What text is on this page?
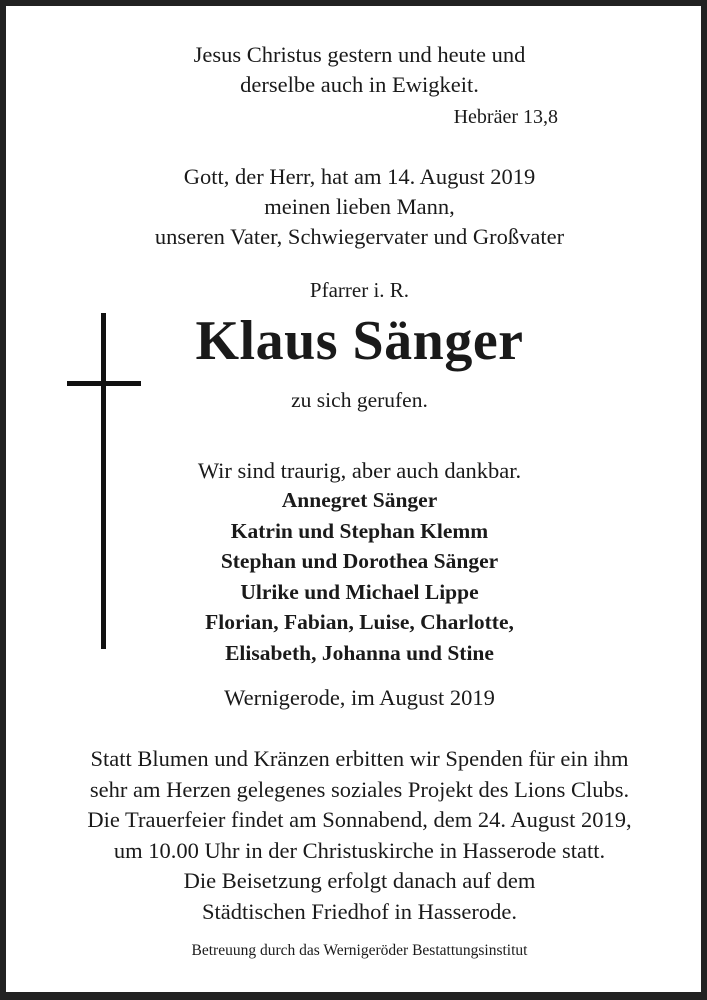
Jesus Christus gestern und heute und
derselbe auch in Ewigkeit.
Hebräer 13,8
Gott, der Herr, hat am 14. August 2019
meinen lieben Mann,
unseren Vater, Schwiegervater und Großvater
Pfarrer i. R.
Klaus Sänger
zu sich gerufen.
Wir sind traurig, aber auch dankbar.
Annegret Sänger
Katrin und Stephan Klemm
Stephan und Dorothea Sänger
Ulrike und Michael Lippe
Florian, Fabian, Luise, Charlotte,
Elisabeth, Johanna und Stine
Wernigerode, im August 2019
Statt Blumen und Kränzen erbitten wir Spenden für ein ihm
sehr am Herzen gelegenes soziales Projekt des Lions Clubs.
Die Trauerfeier findet am Sonnabend, dem 24. August 2019,
um 10.00 Uhr in der Christuskirche in Hasserode statt.
Die Beisetzung erfolgt danach auf dem
Städtischen Friedhof in Hasserode.
Betreuung durch das Wernigeröder Bestattungsinstitut
